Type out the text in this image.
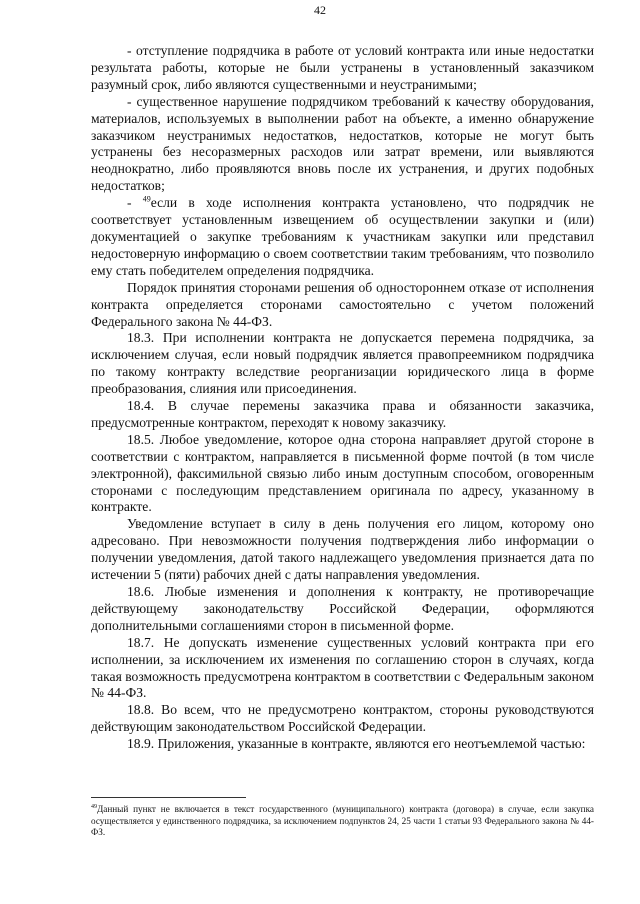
42

- отступление подрядчика в работе от условий контракта или иные недостатки результата работы, которые не были устранены в установленный заказчиком разумный срок, либо являются существенными и неустранимыми;

- существенное нарушение подрядчиком требований к качеству оборудования, материалов, используемых в выполнении работ на объекте, а именно обнаружение заказчиком неустранимых недостатков, недостатков, которые не могут быть устранены без несоразмерных расходов или затрат времени, или выявляются неоднократно, либо проявляются вновь после их устранения, и других подобных недостатков;

- $^{49}$если в ходе исполнения контракта установлено, что подрядчик не соответствует установленным извещением об осуществлении закупки и (или) документацией о закупке требованиям к участникам закупки или представил недостоверную информацию о своем соответствии таким требованиям, что позволило ему стать победителем определения подрядчика.

Порядок принятия сторонами решения об одностороннем отказе от исполнения контракта определяется сторонами самостоятельно с учетом положений Федерального закона № 44-ФЗ.

18.3. При исполнении контракта не допускается перемена подрядчика, за исключением случая, если новый подрядчик является правопреемником подрядчика по такому контракту вследствие реорганизации юридического лица в форме преобразования, слияния или присоединения.

18.4. В случае перемены заказчика права и обязанности заказчика, предусмотренные контрактом, переходят к новому заказчику.

18.5. Любое уведомление, которое одна сторона направляет другой стороне в соответствии с контрактом, направляется в письменной форме почтой (в том числе электронной), факсимильной связью либо иным доступным способом, оговоренным сторонами с последующим представлением оригинала по адресу, указанному в контракте.

Уведомление вступает в силу в день получения его лицом, которому оно адресовано. При невозможности получения подтверждения либо информации о получении уведомления, датой такого надлежащего уведомления признается дата по истечении 5 (пяти) рабочих дней с даты направления уведомления.

18.6. Любые изменения и дополнения к контракту, не противоречащие действующему законодательству Российской Федерации, оформляются дополнительными соглашениями сторон в письменной форме.

18.7. Не допускать изменение существенных условий контракта при его исполнении, за исключением их изменения по соглашению сторон в случаях, когда такая возможность предусмотрена контрактом в соответствии с Федеральным законом № 44-ФЗ.

18.8. Во всем, что не предусмотрено контрактом, стороны руководствуются действующим законодательством Российской Федерации.

18.9. Приложения, указанные в контракте, являются его неотъемлемой частью:

$^{49}$Данный пункт не включается в текст государственного (муниципального) контракта (договора) в случае, если закупка осуществляется у единственного подрядчика, за исключением подпунктов 24, 25 части 1 статьи 93 Федерального закона № 44-ФЗ.
